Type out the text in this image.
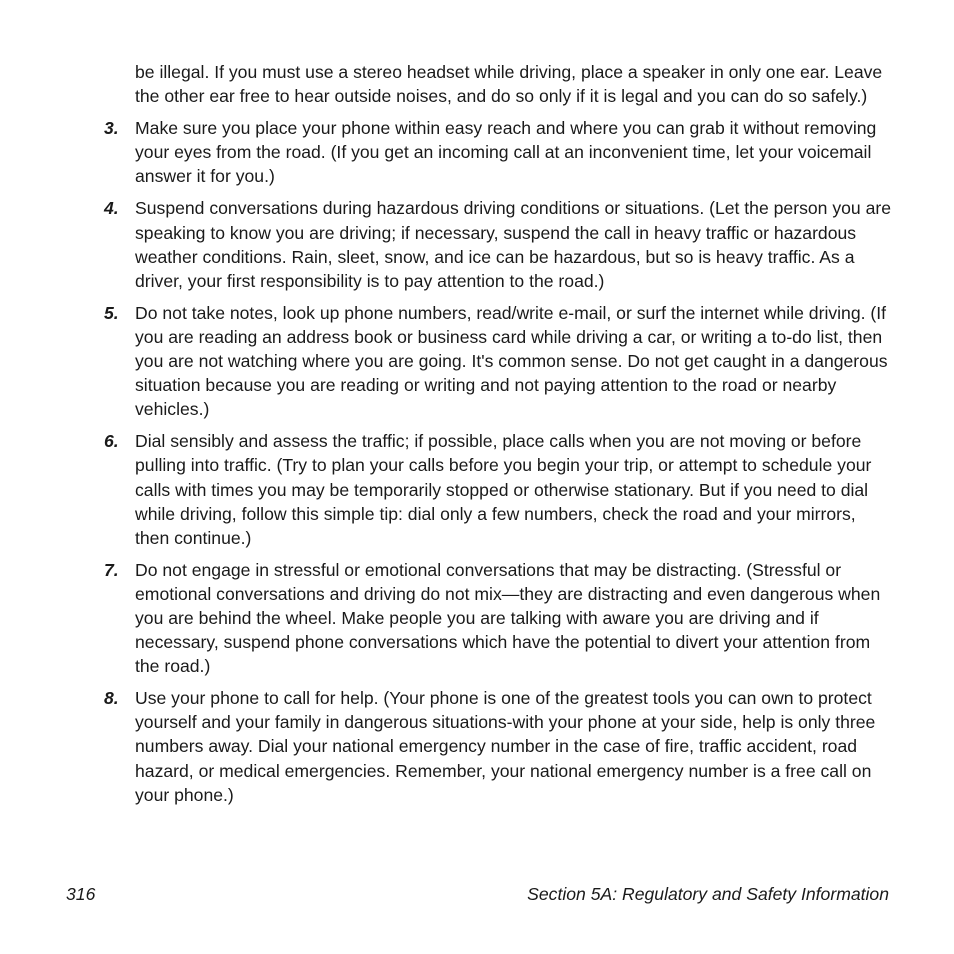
be illegal. If you must use a stereo headset while driving, place a speaker in only one ear. Leave the other ear free to hear outside noises, and do so only if it is legal and you can do so safely.)

3. Make sure you place your phone within easy reach and where you can grab it without removing your eyes from the road. (If you get an incoming call at an inconvenient time, let your voicemail answer it for you.)
4. Suspend conversations during hazardous driving conditions or situations. (Let the person you are speaking to know you are driving; if necessary, suspend the call in heavy traffic or hazardous weather conditions. Rain, sleet, snow, and ice can be hazardous, but so is heavy traffic. As a driver, your first responsibility is to pay attention to the road.)
5. Do not take notes, look up phone numbers, read/write e-mail, or surf the internet while driving. (If you are reading an address book or business card while driving a car, or writing a to-do list, then you are not watching where you are going. It's common sense. Do not get caught in a dangerous situation because you are reading or writing and not paying attention to the road or nearby vehicles.)
6. Dial sensibly and assess the traffic; if possible, place calls when you are not moving or before pulling into traffic. (Try to plan your calls before you begin your trip, or attempt to schedule your calls with times you may be temporarily stopped or otherwise stationary. But if you need to dial while driving, follow this simple tip: dial only a few numbers, check the road and your mirrors, then continue.)
7. Do not engage in stressful or emotional conversations that may be distracting. (Stressful or emotional conversations and driving do not mix—they are distracting and even dangerous when you are behind the wheel. Make people you are talking with aware you are driving and if necessary, suspend phone conversations which have the potential to divert your attention from the road.)
8. Use your phone to call for help. (Your phone is one of the greatest tools you can own to protect yourself and your family in dangerous situations-with your phone at your side, help is only three numbers away. Dial your national emergency number in the case of fire, traffic accident, road hazard, or medical emergencies. Remember, your national emergency number is a free call on your phone.)
316	Section 5A: Regulatory and Safety Information
